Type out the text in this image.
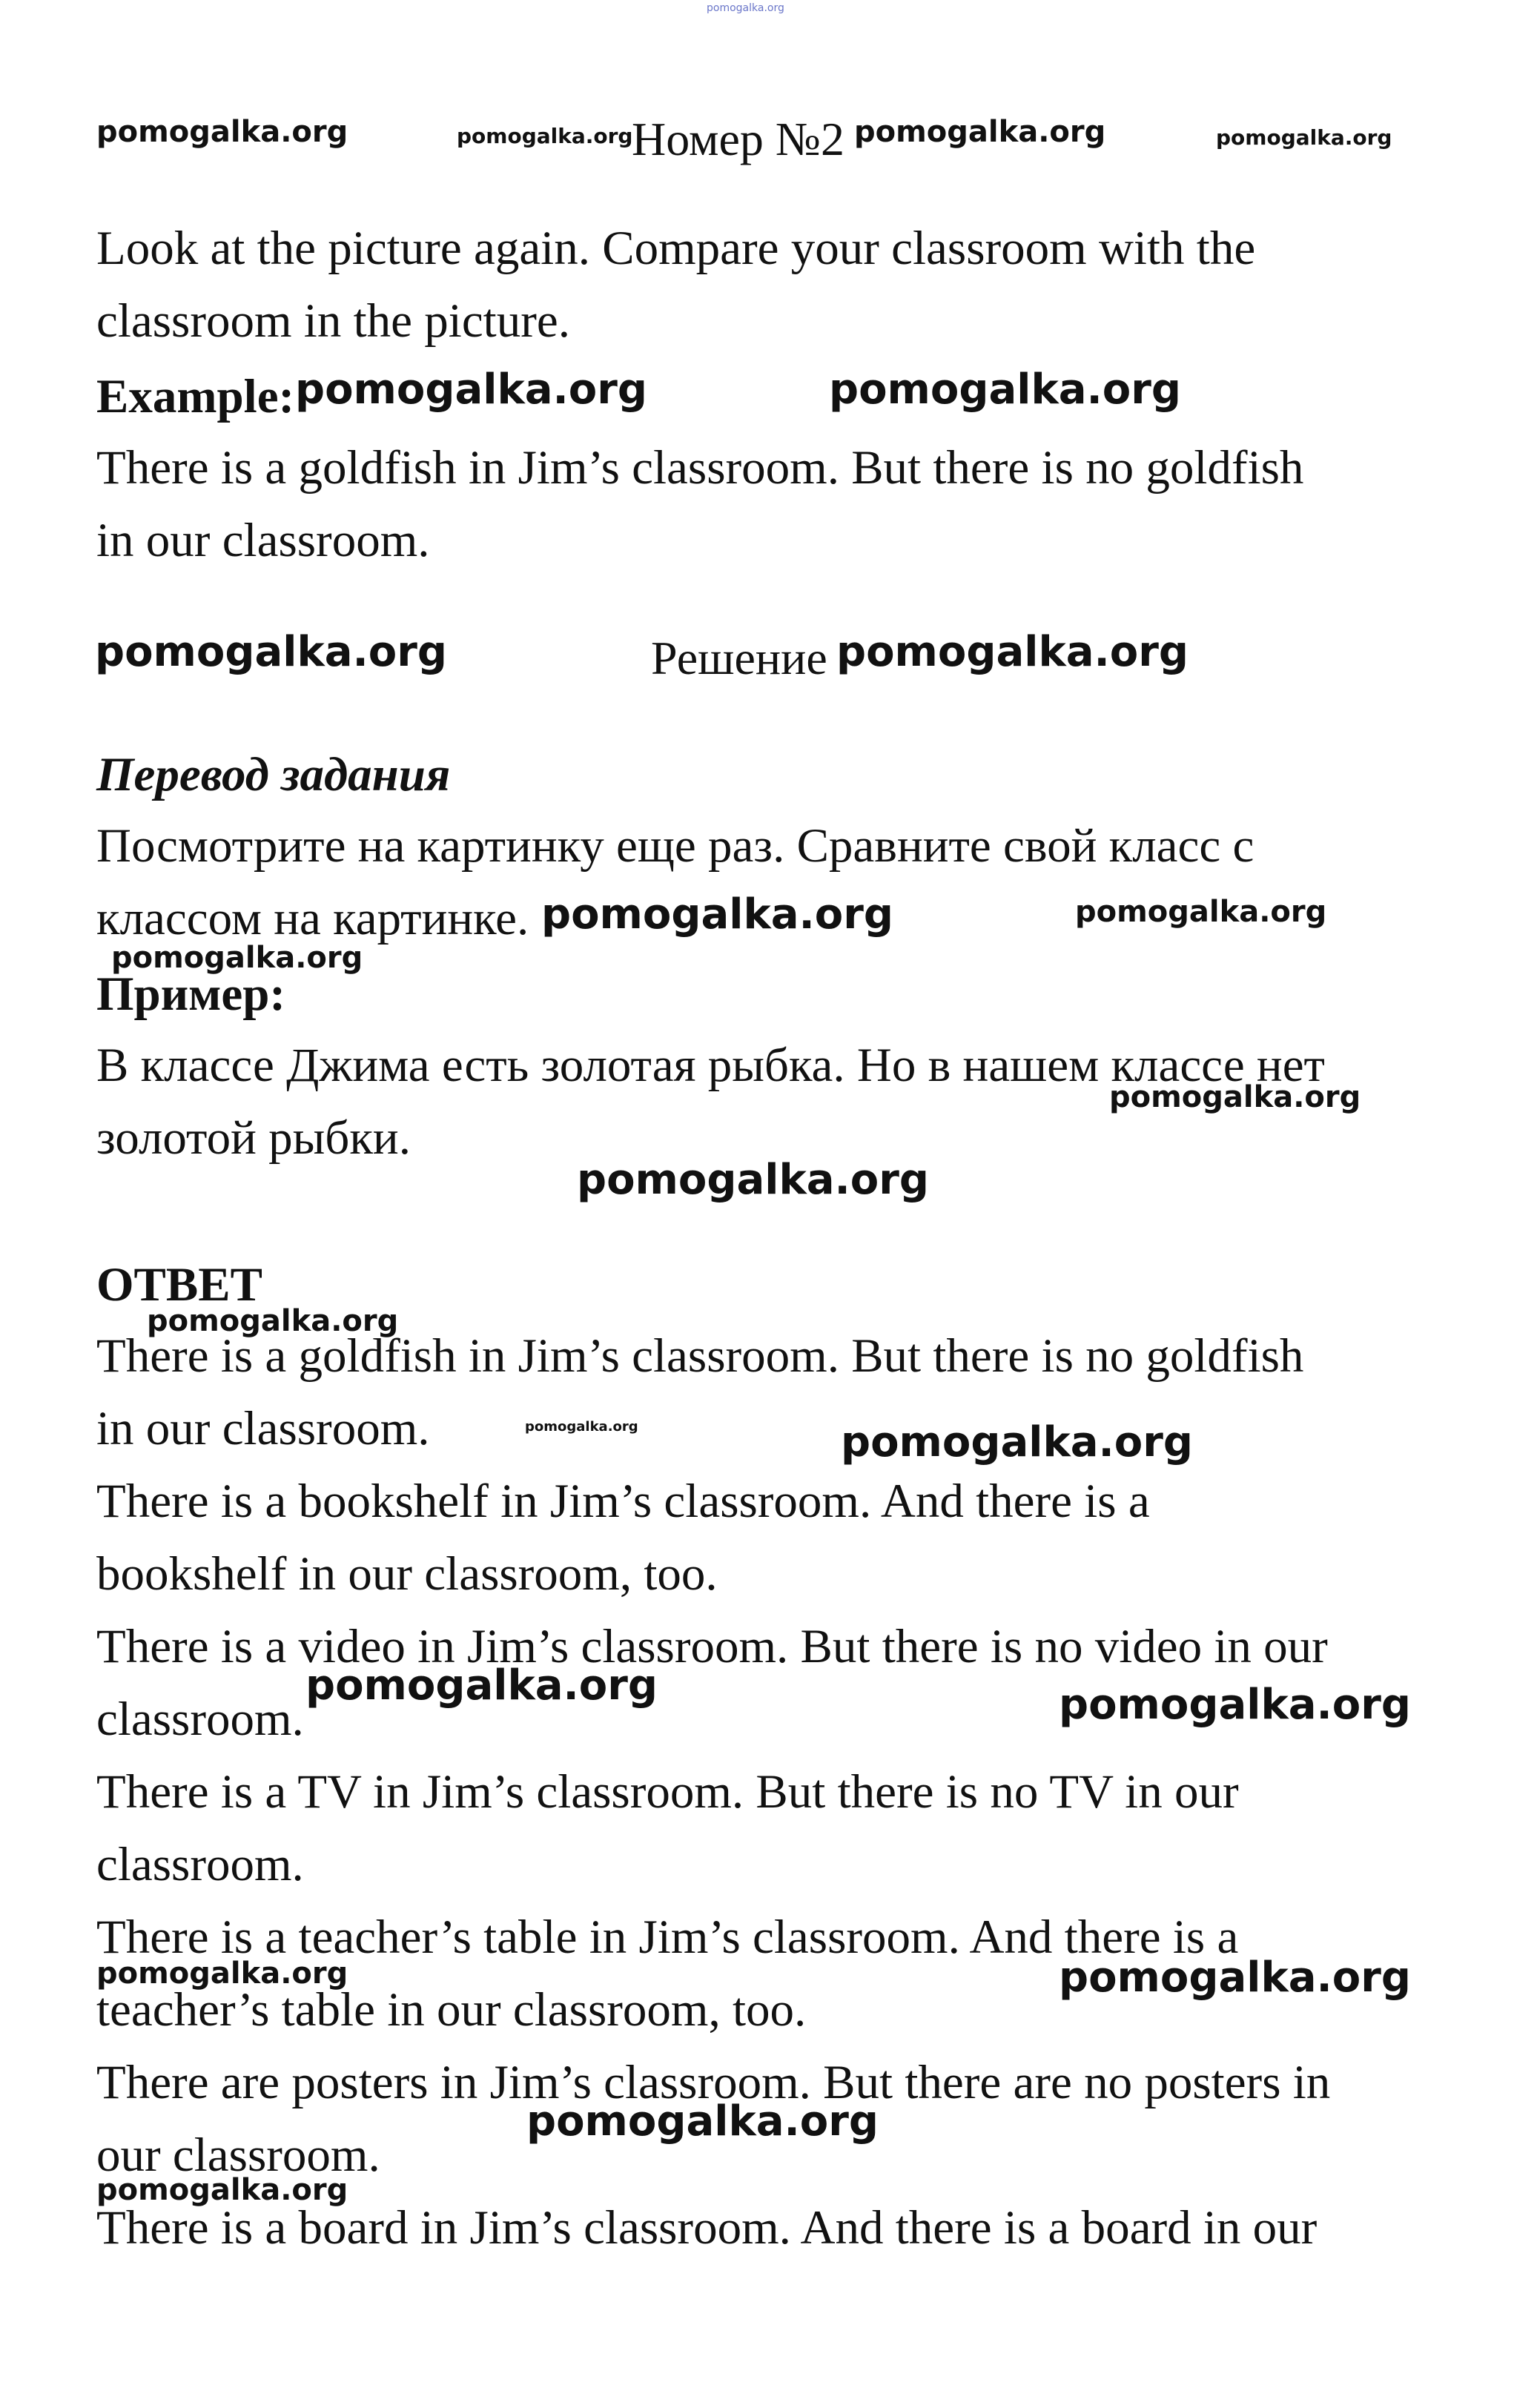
pomogalka.org
pomogalka.org	pomogalka.org
Номер №2 pomogalka.org	pomogalka.org

Look at the picture again. Compare your classroom with the

classroom in the picture.

Example: pomogalka.org	pomogalka.org

There is a goldfish in Jim’s classroom. But there is no goldfish

in our classroom.

pomogalka.org	Решение pomogalka.org

Перевод задания

Посмотрите на картинку еще раз. Сравните свой класс с

классом на картинке. pomogalka.org	pomogalka.org
pomogalka.org

Пример:

В классе Джима есть золотая рыбка. Но в нашем классе нет

pomogalka.org

золотой рыбки.

pomogalka.org

ОТВЕТ

pomogalka.org

There is a goldfish in Jim’s classroom. But there is no goldfish

in our classroom.	pomogalka.org	pomogalka.org

There is a bookshelf in Jim’s classroom. And there is a

bookshelf in our classroom, too.

There is a video in Jim’s classroom. But there is no video in our

pomogalka.org

classroom.	pomogalka.org

There is a TV in Jim’s classroom. But there is no TV in our

classroom.

There is a teacher’s table in Jim’s classroom. And there is a

pomogalka.org	pomogalka.org

teacher’s table in our classroom, too.

There are posters in Jim’s classroom. But there are no posters in

pomogalka.org

our classroom.

pomogalka.org

There is a board in Jim’s classroom. And there is a board in our
